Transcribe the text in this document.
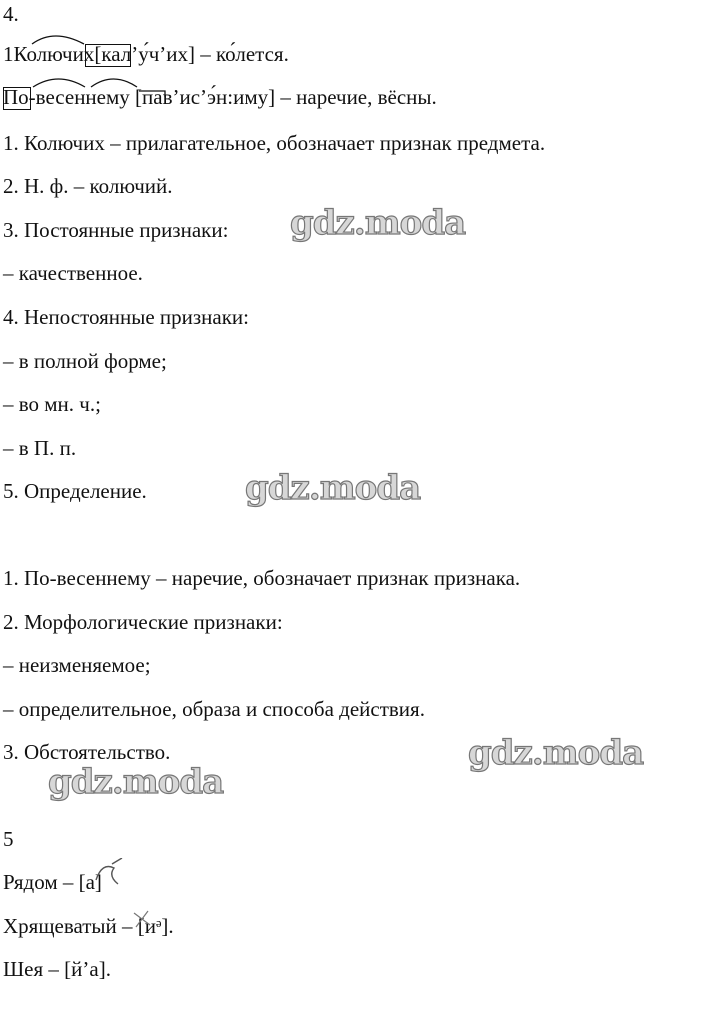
4.
1Колючих
[кал’у́ч’их] – ко́лется.
По-весеннему [пав’ис’э́н:иму] – наречие, вёсны.
1. Колючих – прилагательное, обозначает признак предмета.
2. Н. ф. – колючий.
3. Постоянные признаки:
– качественное.
4. Непостоянные признаки:
– в полной форме;
– во мн. ч.;
– в П. п.
5. Определение.
1. По-весеннему – наречие, обозначает признак признака.
2. Морфологические признаки:
– неизменяемое;
– определительное, образа и способа действия.
3. Обстоятельство.
5
Рядом – [а]
Хрящеватый – [иᵊ].
Шея – [й’а].
gdz.moda
gdz.moda
gdz.moda
gdz.moda
